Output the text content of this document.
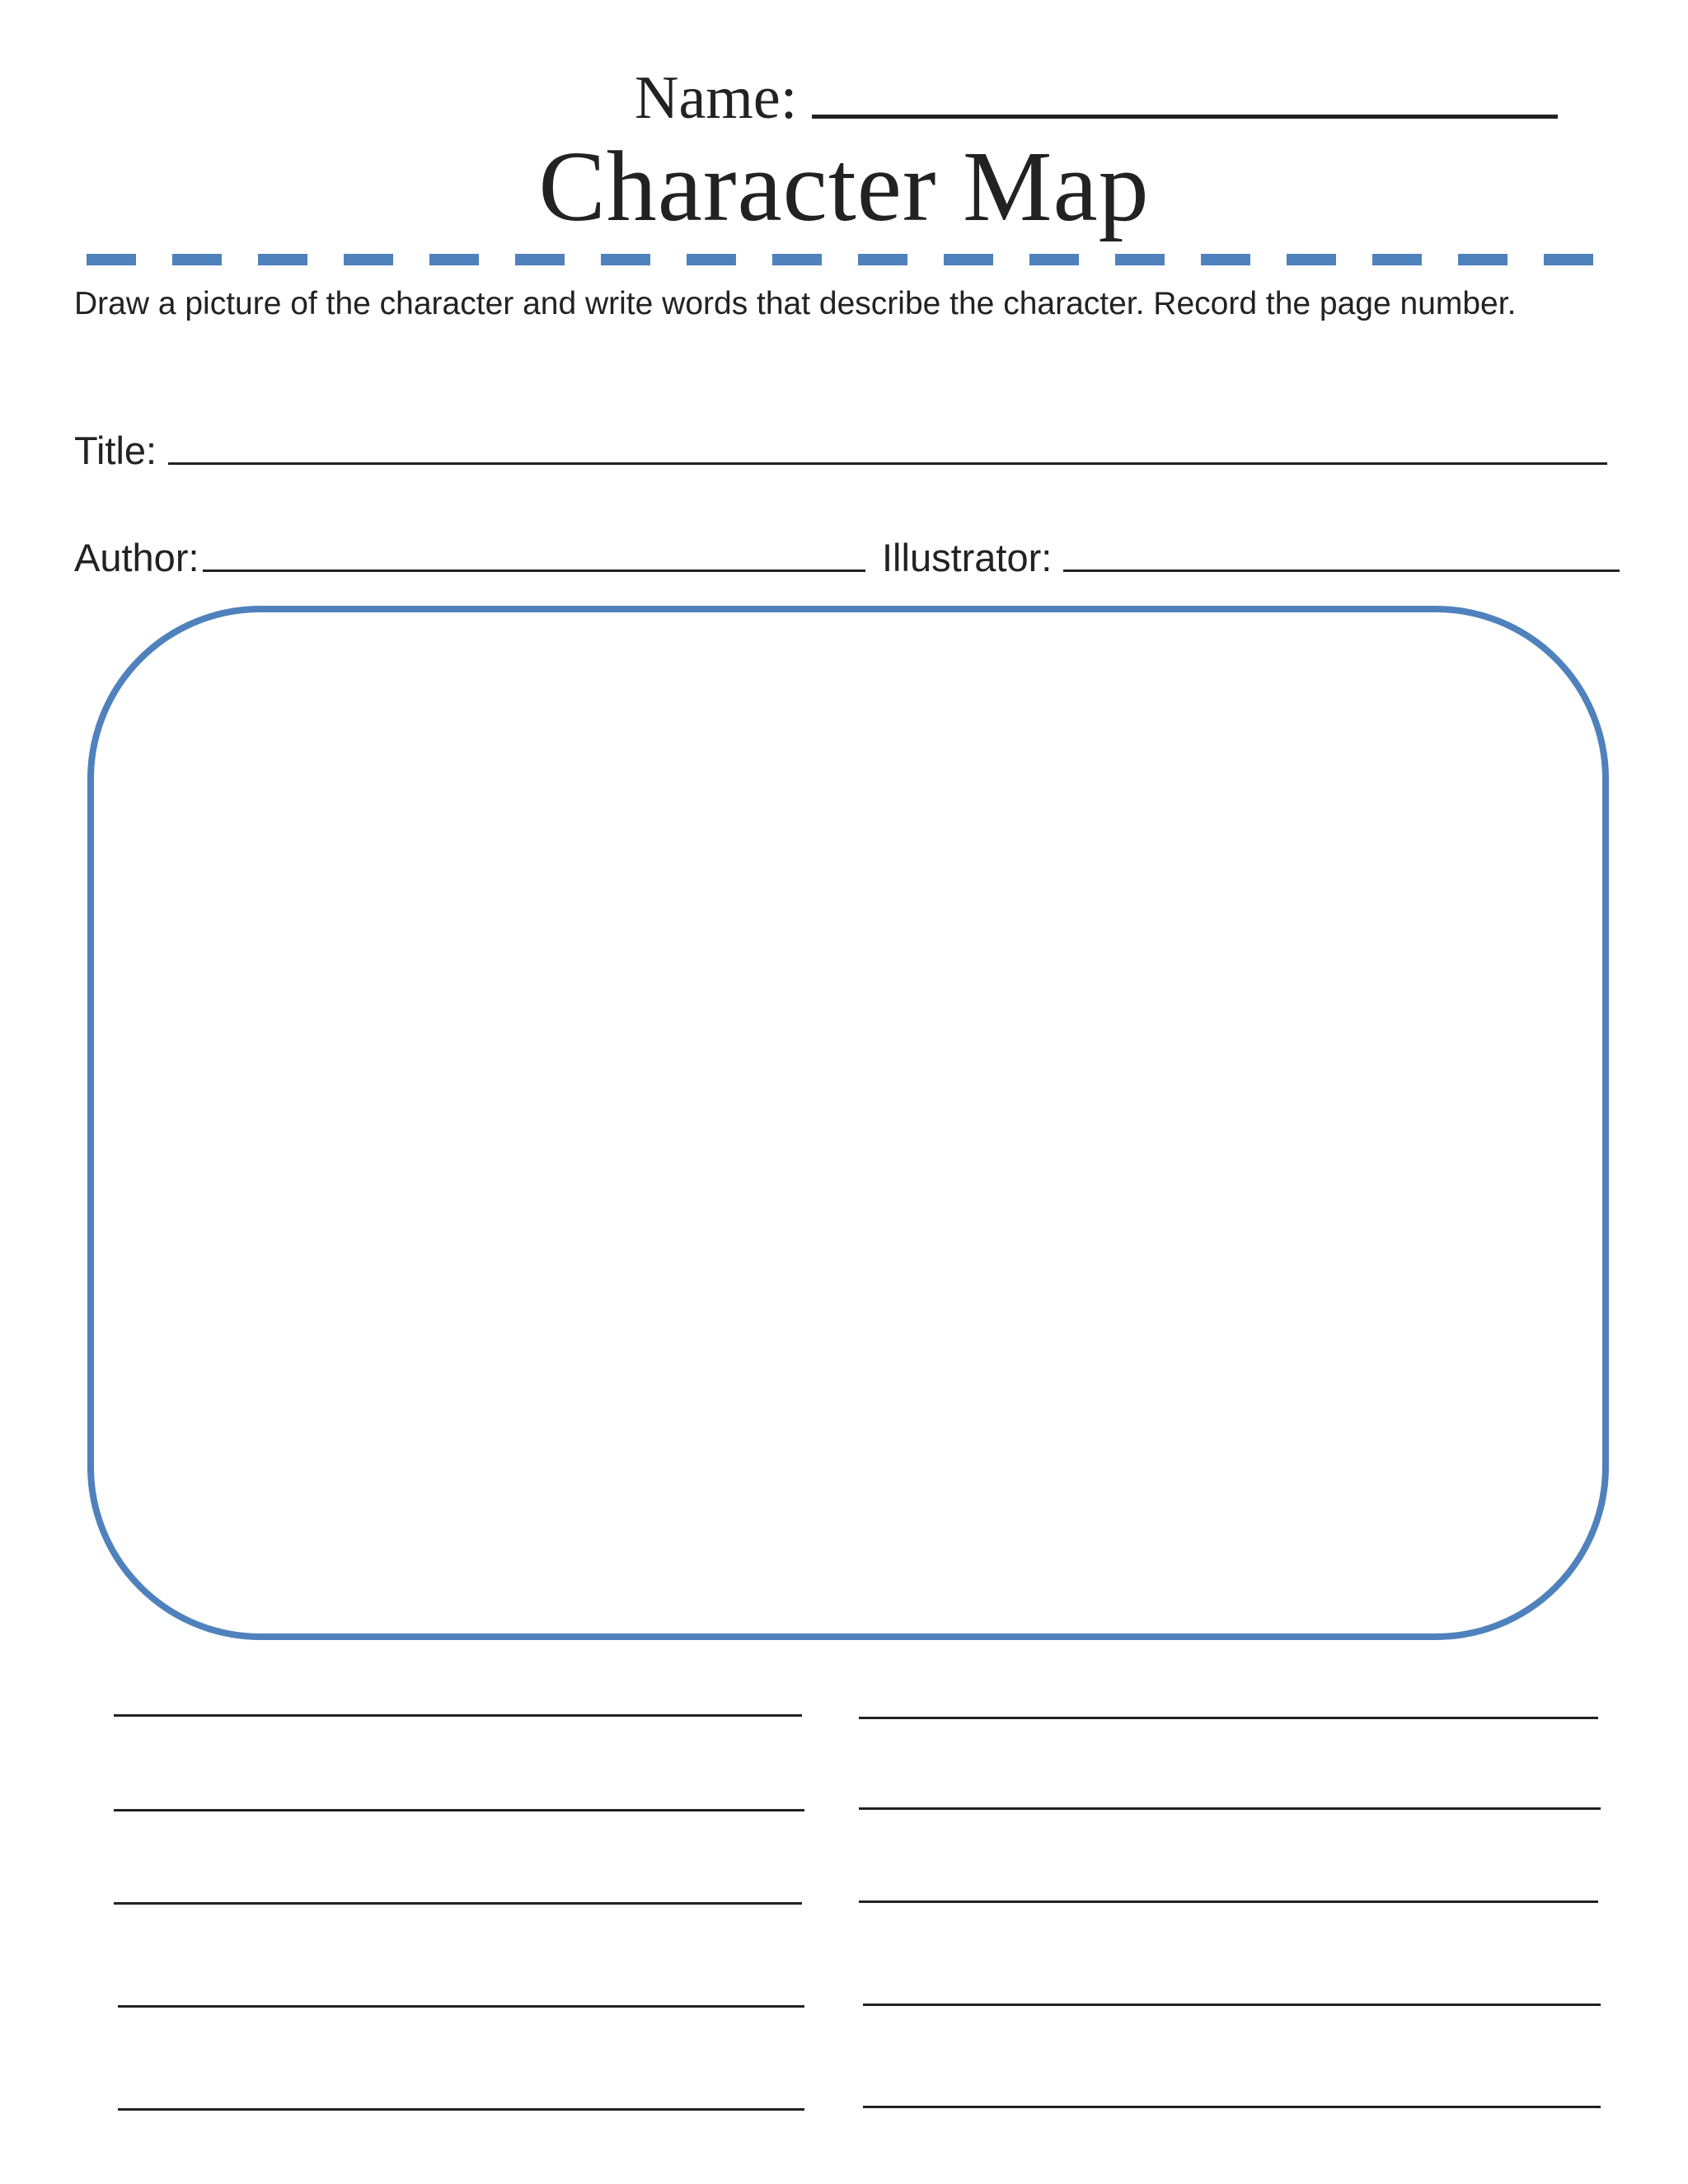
Name:
Character Map

Draw a picture of the character and write words that describe the character. Record the page number.

Title:
Author:	Illustrator:
